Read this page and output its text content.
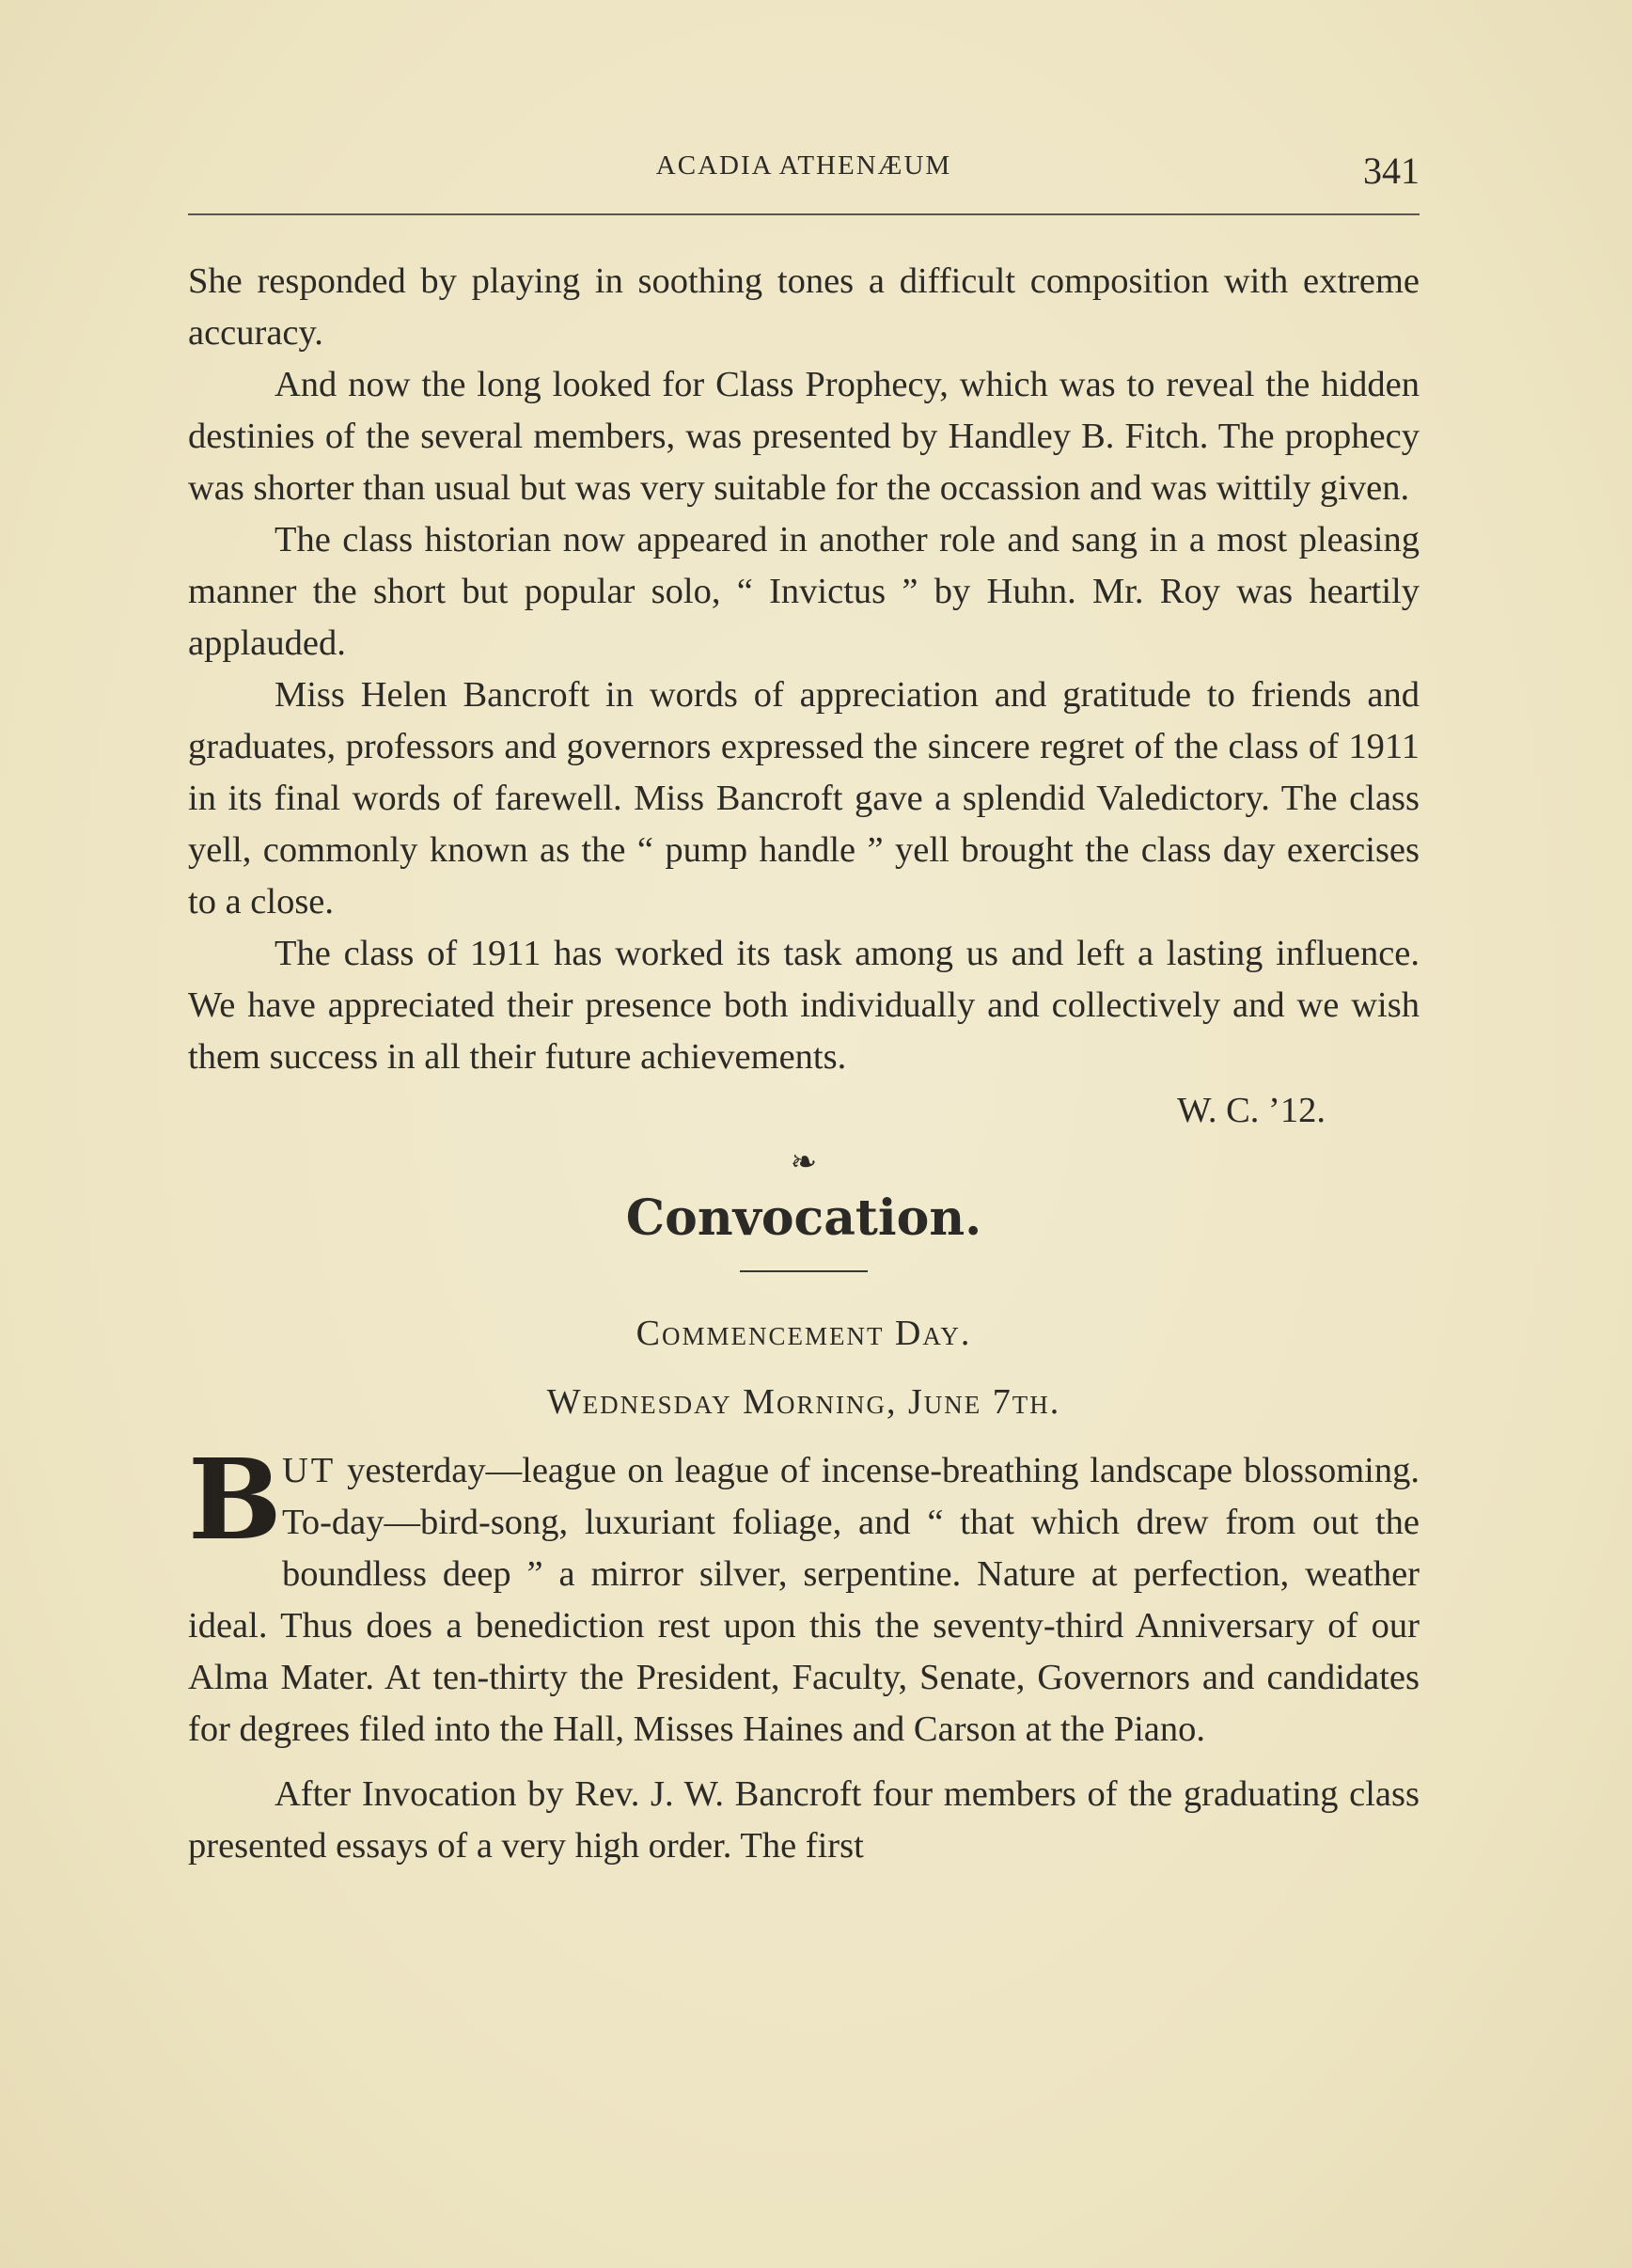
ACADIA ATHENÆUM	341

She responded by playing in soothing tones a difficult composition with extreme accuracy.

And now the long looked for Class Prophecy, which was to reveal the hidden destinies of the several members, was presented by Handley B. Fitch. The prophecy was shorter than usual but was very suitable for the occassion and was wittily given.

The class historian now appeared in another role and sang in a most pleasing manner the short but popular solo, “ Invictus ” by Huhn. Mr. Roy was heartily applauded.

Miss Helen Bancroft in words of appreciation and gratitude to friends and graduates, professors and governors expressed the sincere regret of the class of 1911 in its final words of farewell. Miss Bancroft gave a splendid Valedictory. The class yell, commonly known as the “ pump handle ” yell brought the class day exercises to a close.

The class of 1911 has worked its task among us and left a lasting influence. We have appreciated their presence both individually and collectively and we wish them success in all their future achievements.

W. C. ’12.
❧
Convocation.
Commencement Day.
Wednesday Morning, June 7th.

BUT yesterday—league on league of incense-breathing landscape blossoming. To-day—bird-song, luxuriant foliage, and “ that which drew from out the boundless deep ” a mirror silver, serpentine. Nature at perfection, weather ideal. Thus does a benediction rest upon this the seventy-third Anniversary of our Alma Mater. At ten-thirty the President, Faculty, Senate, Governors and candidates for degrees filed into the Hall, Misses Haines and Carson at the Piano.

After Invocation by Rev. J. W. Bancroft four members of the graduating class presented essays of a very high order. The first
